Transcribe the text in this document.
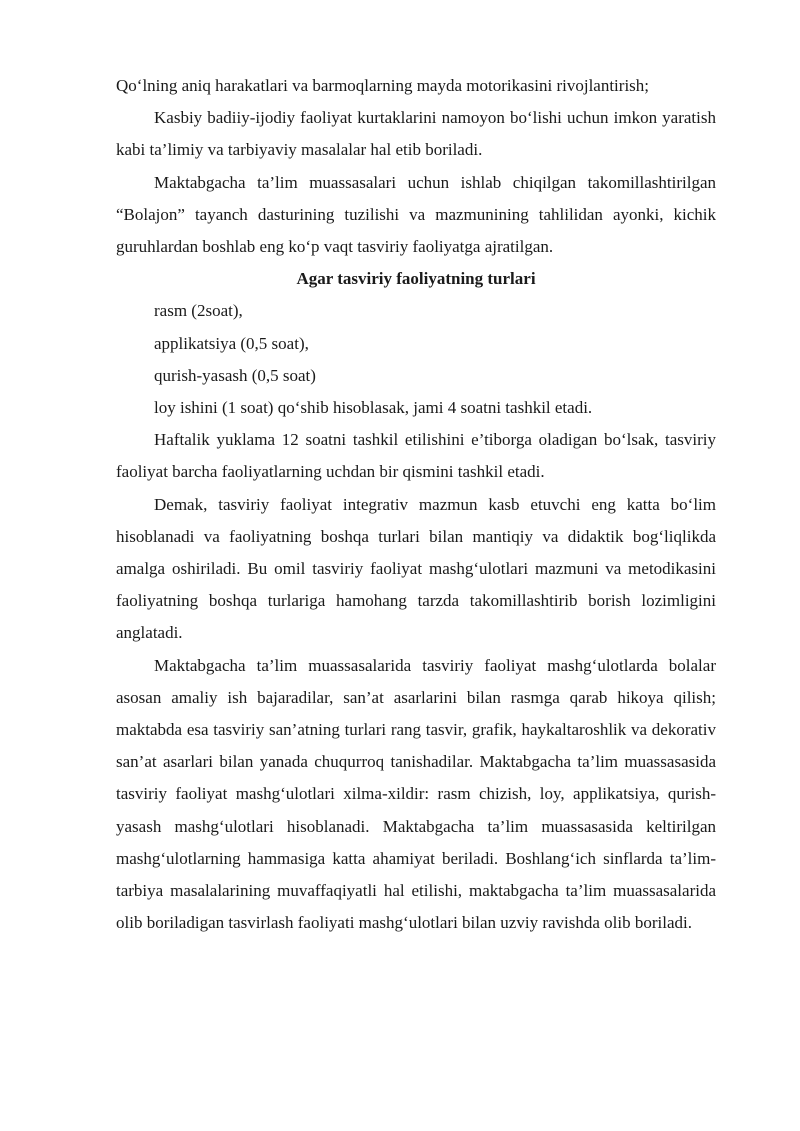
Qo‘lning aniq harakatlari va barmoqlarning mayda motorikasini rivojlantirish;

Kasbiy badiiy-ijodiy faoliyat kurtaklarini namoyon bo‘lishi uchun imkon yaratish kabi ta’limiy va tarbiyaviy masalalar hal etib boriladi.

Maktabgacha ta’lim muassasalari uchun ishlab chiqilgan takomillashtirilgan “Bolajon” tayanch dasturining tuzilishi va mazmunining tahlilidan ayonki, kichik guruhlardan boshlab eng ko‘p vaqt tasviriy faoliyatga ajratilgan.

Agar tasviriy faoliyatning turlari

rasm (2soat),

applikatsiya (0,5 soat),

qurish-yasash (0,5 soat)

loy ishini (1 soat) qo‘shib hisoblasak, jami 4 soatni tashkil etadi.

Haftalik yuklama 12 soatni tashkil etilishini e’tiborga oladigan bo‘lsak, tasviriy faoliyat barcha faoliyatlarning uchdan bir qismini tashkil etadi.

Demak, tasviriy faoliyat integrativ mazmun kasb etuvchi eng katta bo‘lim hisoblanadi va faoliyatning boshqa turlari bilan mantiqiy va didaktik bog‘liqlikda amalga oshiriladi. Bu omil tasviriy faoliyat mashg‘ulotlari mazmuni va metodikasini faoliyatning boshqa turlariga hamohang tarzda takomillashtirib borish lozimligini anglatadi.

Maktabgacha ta’lim muassasalarida tasviriy faoliyat mashg‘ulotlarda bolalar asosan amaliy ish bajaradilar, san’at asarlarini bilan rasmga qarab hikoya qilish; maktabda esa tasviriy san’atning turlari rang tasvir, grafik, haykaltaroshlik va dekorativ san’at asarlari bilan yanada chuqurroq tanishadilar. Maktabgacha ta’lim muassasasida tasviriy faoliyat mashg‘ulotlari xilma-xildir: rasm chizish, loy, applikatsiya, qurish-yasash mashg‘ulotlari hisoblanadi. Maktabgacha ta’lim muassasasida keltirilgan mashg‘ulotlarning hammasiga katta ahamiyat beriladi. Boshlang‘ich sinflarda ta’lim-tarbiya masalalarining muvaffaqiyatli hal etilishi, maktabgacha ta’lim muassasalarida olib boriladigan tasvirlash faoliyati mashg‘ulotlari bilan uzviy ravishda olib boriladi.
